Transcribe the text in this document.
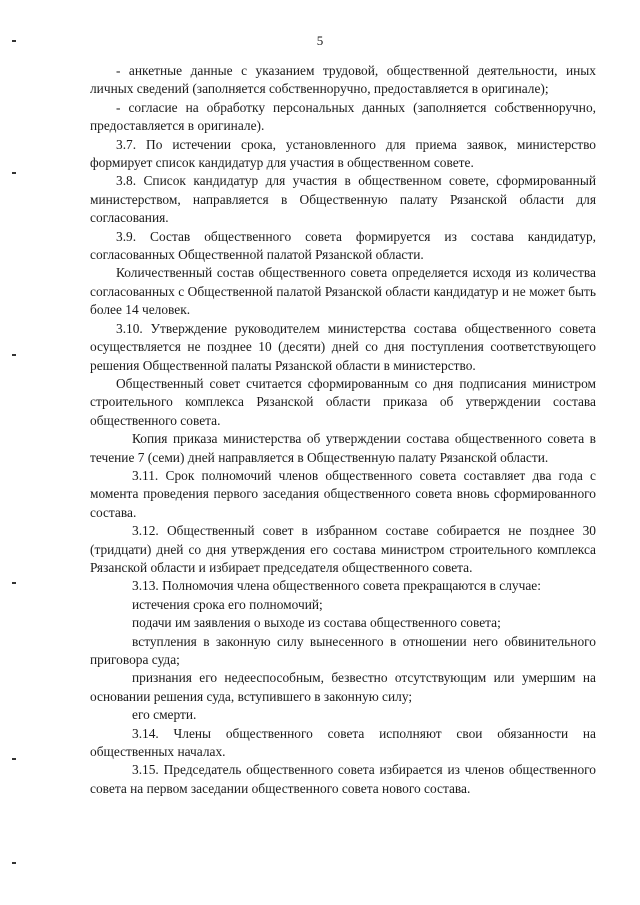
5

- анкетные данные с указанием трудовой, общественной деятельности, иных личных сведений (заполняется собственноручно, предоставляется в оригинале);

- согласие на обработку персональных данных (заполняется собственноручно, предоставляется в оригинале).

3.7. По истечении срока, установленного для приема заявок, министерство формирует список кандидатур для участия в общественном совете.

3.8. Список кандидатур для участия в общественном совете, сформированный министерством, направляется в Общественную палату Рязанской области для согласования.

3.9. Состав общественного совета формируется из состава кандидатур, согласованных Общественной палатой Рязанской области.

Количественный состав общественного совета определяется исходя из количества согласованных с Общественной палатой Рязанской области кандидатур и не может быть более 14 человек.

3.10. Утверждение руководителем министерства состава общественного совета осуществляется не позднее 10 (десяти) дней со дня поступления соответствующего решения Общественной палаты Рязанской области в министерство.

Общественный совет считается сформированным со дня подписания министром строительного комплекса Рязанской области приказа об утверждении состава общественного совета.

Копия приказа министерства об утверждении состава общественного совета в течение 7 (семи) дней направляется в Общественную палату Рязанской области.

3.11. Срок полномочий членов общественного совета составляет два года с момента проведения первого заседания общественного совета вновь сформированного состава.

3.12. Общественный совет в избранном составе собирается не позднее 30 (тридцати) дней со дня утверждения его состава министром строительного комплекса Рязанской области и избирает председателя общественного совета.

3.13. Полномочия члена общественного совета прекращаются в случае:

истечения срока его полномочий;

подачи им заявления о выходе из состава общественного совета;

вступления в законную силу вынесенного в отношении него обвинительного приговора суда;

признания его недееспособным, безвестно отсутствующим или умершим на основании решения суда, вступившего в законную силу;

его смерти.

3.14. Члены общественного совета исполняют свои обязанности на общественных началах.

3.15. Председатель общественного совета избирается из членов общественного совета на первом заседании общественного совета нового состава.
